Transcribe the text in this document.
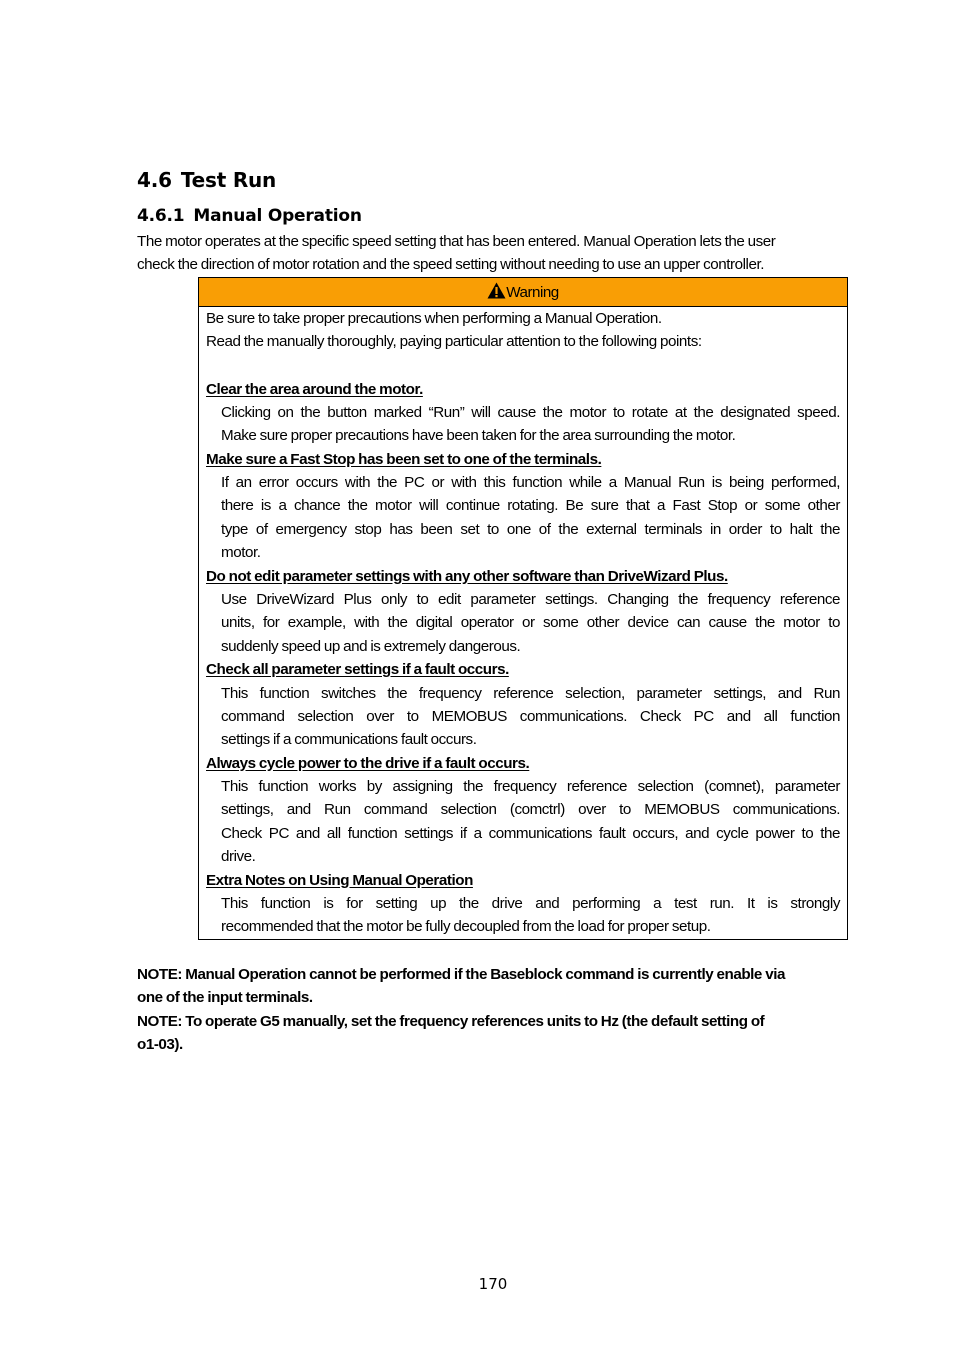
4.6 Test Run
4.6.1 Manual Operation
The motor operates at the specific speed setting that has been entered. Manual Operation lets the user
check the direction of motor rotation and the speed setting without needing to use an upper controller.
Warning
Be sure to take proper precautions when performing a Manual Operation.
Read the manually thoroughly, paying particular attention to the following points:
Clear the area around the motor.
Clicking on the button marked “Run” will cause the motor to rotate at the designated speed.
Make sure proper precautions have been taken for the area surrounding the motor.
Make sure a Fast Stop has been set to one of the terminals.
If an error occurs with the PC or with this function while a Manual Run is being performed,
there is a chance the motor will continue rotating. Be sure that a Fast Stop or some other
type of emergency stop has been set to one of the external terminals in order to halt the
motor.
Do not edit parameter settings with any other software than DriveWizard Plus.
Use DriveWizard Plus only to edit parameter settings. Changing the frequency reference
units, for example, with the digital operator or some other device can cause the motor to
suddenly speed up and is extremely dangerous.
Check all parameter settings if a fault occurs.
This function switches the frequency reference selection, parameter settings, and Run
command selection over to MEMOBUS communications. Check PC and all function
settings if a communications fault occurs.
Always cycle power to the drive if a fault occurs.
This function works by assigning the frequency reference selection (comnet), parameter
settings, and Run command selection (comctrl) over to MEMOBUS communications.
Check PC and all function settings if a communications fault occurs, and cycle power to the
drive.
Extra Notes on Using Manual Operation
This function is for setting up the drive and performing a test run. It is strongly
recommended that the motor be fully decoupled from the load for proper setup.
NOTE: Manual Operation cannot be performed if the Baseblock command is currently enable via
one of the input terminals.
NOTE: To operate G5 manually, set the frequency references units to Hz (the default setting of
o1-03).
170
